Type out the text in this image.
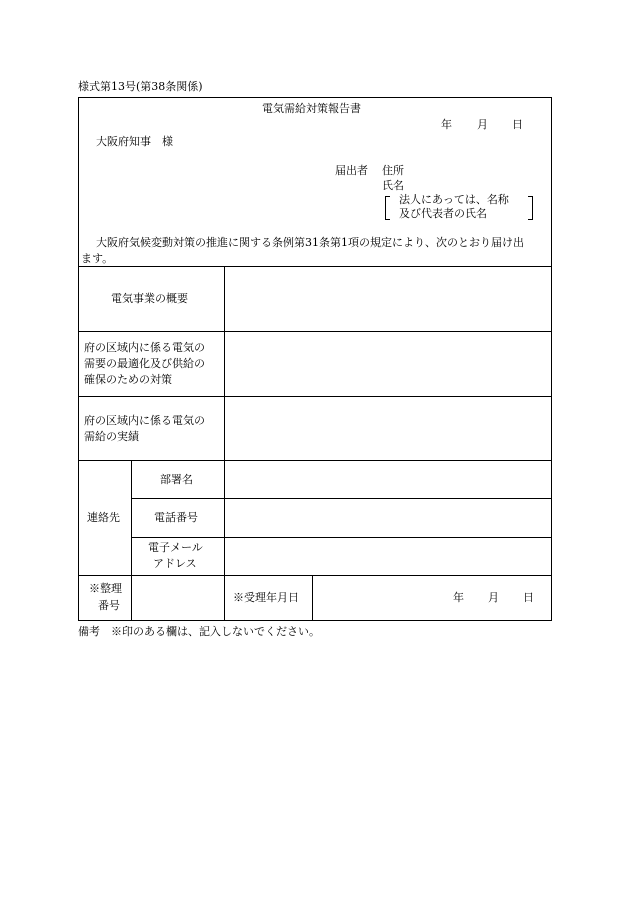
様式第13号(第38条関係)
電気需給対策報告書
年 月 日
大阪府知事　様
届出者 住所
氏名
法人にあっては、名称
及び代表者の氏名
大阪府気候変動対策の推進に関する条例第31条第1項の規定により、次のとおり届け出
ます。
電気事業の概要
府の区域内に係る電気の
需要の最適化及び供給の
確保のための対策
府の区域内に係る電気の
需給の実績
連絡先
部署名
電話番号
電子メール
アドレス
※整理
番号
※受理年月日	年 月 日
備考　※印のある欄は、記入しないでください。
